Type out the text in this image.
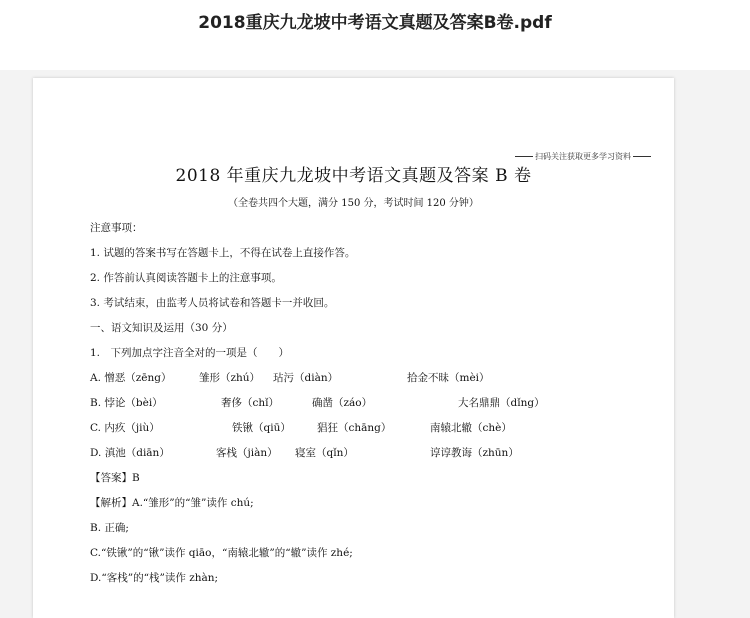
2018重庆九龙坡中考语文真题及答案B卷.pdf
扫码关注获取更多学习资料
2018 年重庆九龙坡中考语文真题及答案 B 卷
（全卷共四个大题，满分 150 分，考试时间 120 分钟）
注意事项：
1. 试题的答案书写在答题卡上，不得在试卷上直接作答。
2. 作答前认真阅读答题卡上的注意事项。
3. 考试结束，由监考人员将试卷和答题卡一并收回。
一、语文知识及运用（30 分）
1.　下列加点字注音全对的一项是（　　）
A. 憎恶（zēng）	雏形（zhú） 玷污（diàn）	拾金不昧（mèi）
B. 悖论（bèi）	奢侈（chǐ）	确凿（záo）	大名鼎鼎（dǐng）
C. 内疚（jiù）	铁锹（qiū） 猖狂（chāng）	南辕北辙（chè）
D. 滇池（diān）	客栈（jiàn） 寝室（qǐn）	谆谆教诲（zhūn）
【答案】B
【解析】A.“雏形”的“雏”读作 chú;
B. 正确;
C.“铁锹”的“锹”读作 qiāo，“南辕北辙”的“辙”读作 zhé;
D.“客栈”的“栈”读作 zhàn;
